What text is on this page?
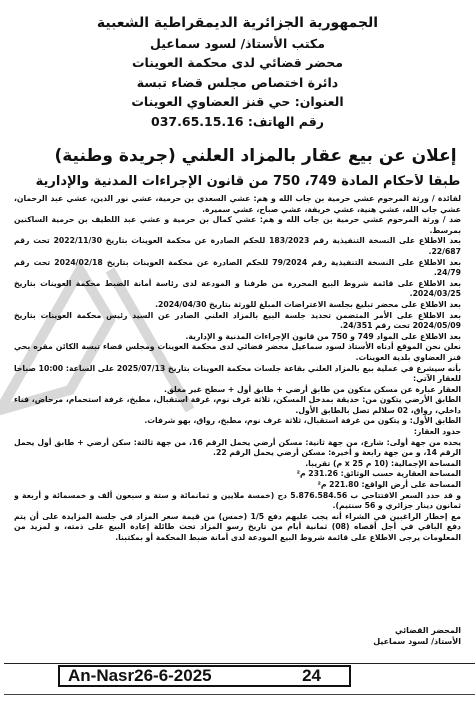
الجمهورية الجزائرية الديمقراطية الشعبية
مكتب الأستاذ/ لسود سماعيل
محضر قضائي لدى محكمة العوينات
دائرة اختصاص مجلس قضاء تبسة
العنوان: حي قنز العضاوي العوينات
رقم الهاتف: 037.65.15.16
إعلان عن بيع عقار بالمزاد العلني (جريدة وطنية)
طبقا لأحكام المادة 749، 750 من قانون الإجراءات المدنية والإدارية

لفائدة / ورثة المرحوم عشي حرمية بن جاب الله و هم: عشي السعدي بن حرمية، عشي نور الدين، عشي عبد الرحمان، عشي جاب الله، عشي هنية، عشي خريفة، عشي صباح، عشي سميرة.

ضد / ورثة المرحوم عشي حرمية بن جاب الله و هم: عشي كمال بن حرمية و عشي عبد اللطيف بن حرمية الساكنين بمرسط.

بعد الاطلاع على النسخة التنفيذية رقم 183/2023 للحكم الصادرة عن محكمة العوينات بتاريخ 2022/11/30 تحت رقم 22/687.

بعد الاطلاع على النسخة التنفيذية رقم 79/2024 للحكم الصادرة عن محكمة العوينات بتاريخ 2024/02/18 تحت رقم 24/79.

بعد الاطلاع على قائمة شروط البيع المحررة من طرفنا و المودعة لدى رئاسة أمانة الضبط محكمة العوينات بتاريخ 2024/03/25.

بعد الاطلاع على محضر تبليغ بجلسة الاعتراضات المبلغ للورثة بتاريخ 2024/04/30.

بعد الاطلاع على الأمر المتضمن تحديد جلسة البيع بالمزاد العلني الصادر عن السيد رئيس محكمة العوينات بتاريخ 2024/05/09 تحت رقم 24/351.

بعد الاطلاع على المواد 749 و 750 من قانون الإجراءات المدنية و الإدارية.

نعلن نحن الموقع أدناه الأستاذ لسود سماعيل محضر قضائي لدى محكمة العوينات ومجلس قضاء تبسة الكائن مقره بحي قنز العضاوي بلدية العوينات.

بأنه سيشرع في عملية بيع بالمزاد العلني بقاعة جلسات محكمة العوينات بتاريخ 2025/07/13 على الساعة: 10:00 صباحا للعقار الآتي:

العقار عبارة عن مسكن متكون من طابق أرضي + طابق أول + سطح غير مغلق.

الطابق الأرضي يتكون من: حديقة بمدخل المسكن، ثلاثة غرف نوم، غرفة استقبال، مطبخ، غرفة استحمام، مرحاض، فناء داخلي، رواق، 02 سلالم تصل بالطابق الأول.

الطابق الأول: و يتكون من غرفة استقبال، ثلاثة غرف نوم، مطبخ، رواق، بهو شرفات.

حدود العقار:

يحده من جهة أولى: شارع، من جهة ثانية: مسكن أرضي يحمل الرقم 16، من جهة ثالثة: سكن أرضي + طابق أول يحمل الرقم 14، و من جهة رابعة و أخيرة: مسكن أرضي يحمل الرقم 22.

المساحة الإجمالية: (10 م x 25 م) تقريبا.

المساحة العقارية حسب الوثائق: 231.26 م²

المساحة على أرض الواقع: 221.80 م²

و قد حدد السعر الافتتاحي ب 5.876.584.56 دج (خمسة ملايين و ثمانمائة و ستة و سبعون ألف و خمسمائة و أربعة و ثمانون دينار جزائري و 56 سنتيم).

مع إخطار الراغبين في الشراء أنه يجب عليهم دفع 1/5 (خمس) من قيمة سعر المزاد في جلسة المزايدة على أن يتم دفع الباقي في أجل أقصاه (08) ثمانية أيام من تاريخ رسو المزاد تحت طائلة إعادة البيع على ذمته، و لمزيد من المعلومات يرجى الاطلاع على قائمة شروط البيع المودعة لدى أمانة ضبط المحكمة أو بمكتبنا.

المحضر القضائي
الأستاذ/ لسود سماعيل
An-Nasr26-6-2025	24
